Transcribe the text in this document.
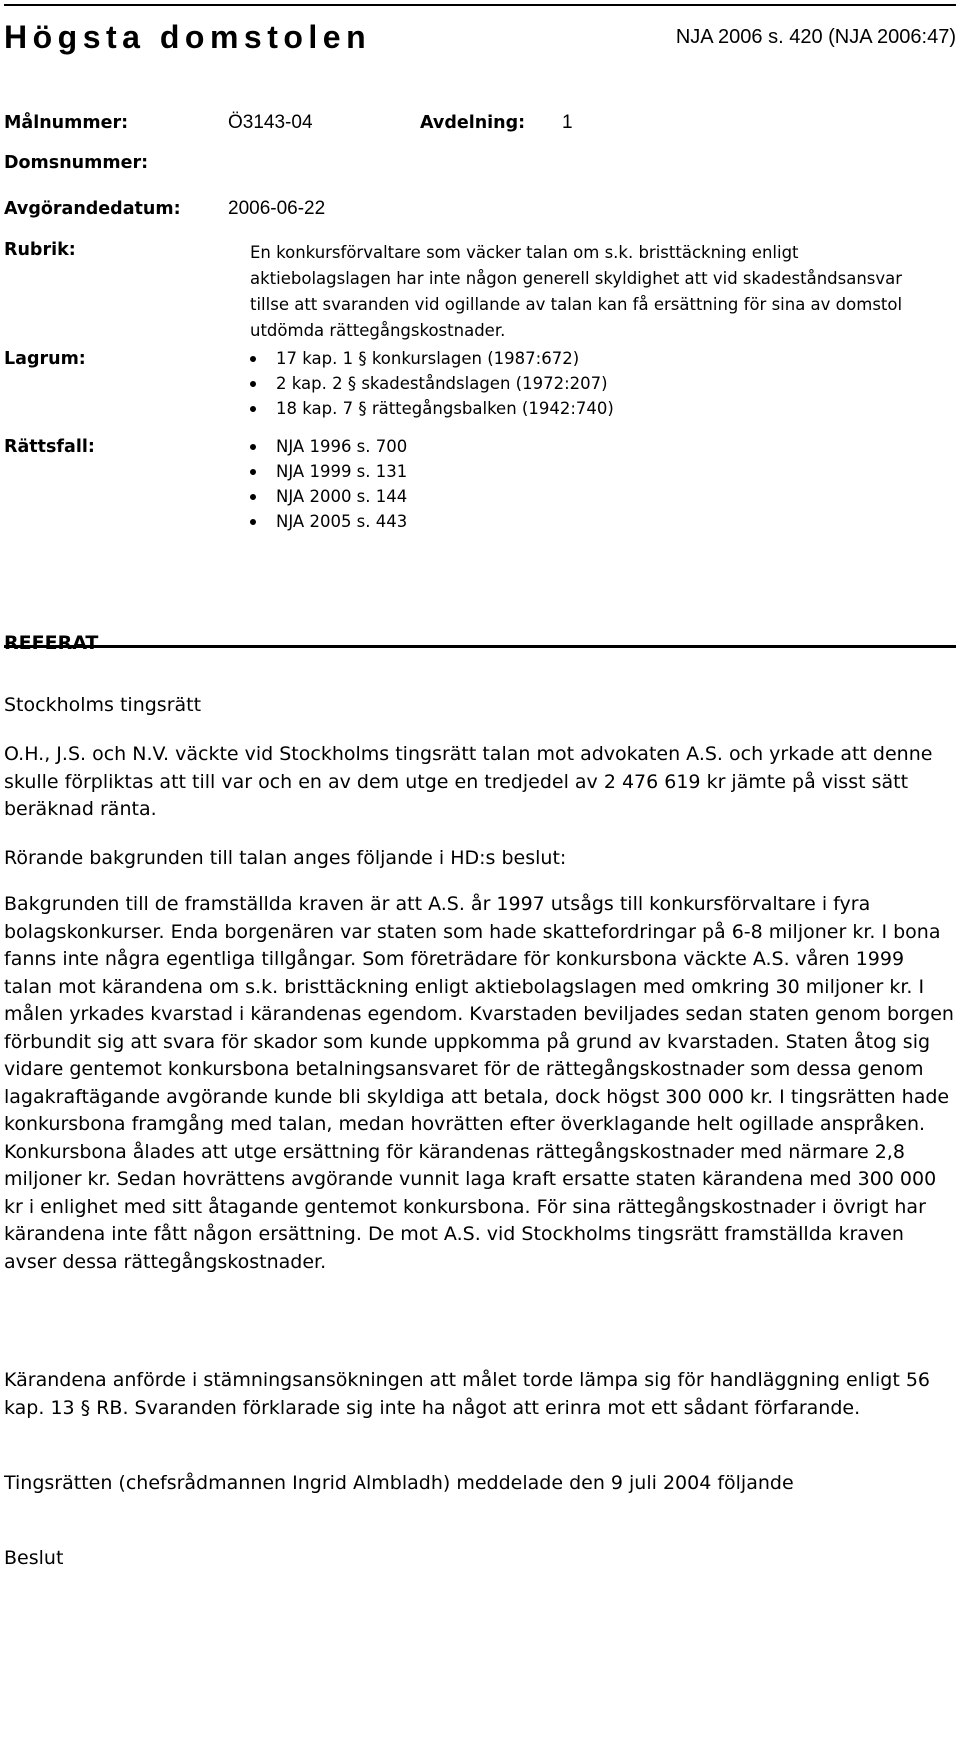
Högsta domstolen	NJA 2006 s. 420 (NJA 2006:47)
Målnummer:	Ö3143-04	Avdelning: 1
Domsnummer:
Avgörandedatum: 2006-06-22
Rubrik:	En konkursförvaltare som väcker talan om s.k. bristtäckning enligt aktiebolagslagen har inte någon generell skyldighet att vid skadeståndsansvar tillse att svaranden vid ogillande av talan kan få ersättning för sina av domstol utdömda rättegångskostnader.

Lagrum:	17 kap. 1 § konkurslagen (1987:672)
2 kap. 2 § skadeståndslagen (1972:207)
18 kap. 7 § rättegångsbalken (1942:740)
Rättsfall:	NJA 1996 s. 700
NJA 1999 s. 131
NJA 2000 s. 144
NJA 2005 s. 443
REFERAT

Stockholms tingsrätt

O.H., J.S. och N.V. väckte vid Stockholms tingsrätt talan mot advokaten A.S. och yrkade att denne skulle förpliktas att till var och en av dem utge en tredjedel av 2 476 619 kr jämte på visst sätt beräknad ränta.

Rörande bakgrunden till talan anges följande i HD:s beslut:

Bakgrunden till de framställda kraven är att A.S. år 1997 utsågs till konkursförvaltare i fyra bolagskonkurser. Enda borgenären var staten som hade skattefordringar på 6-8 miljoner kr. I bona fanns inte några egentliga tillgångar. Som företrädare för konkursbona väckte A.S. våren 1999 talan mot kärandena om s.k. bristtäckning enligt aktiebolagslagen med omkring 30 miljoner kr. I målen yrkades kvarstad i kärandenas egendom. Kvarstaden beviljades sedan staten genom borgen förbundit sig att svara för skador som kunde uppkomma på grund av kvarstaden. Staten åtog sig vidare gentemot konkursbona betalningsansvaret för de rättegångskostnader som dessa genom lagakraftägande avgörande kunde bli skyldiga att betala, dock högst 300 000 kr. I tingsrätten hade konkursbona framgång med talan, medan hovrätten efter överklagande helt ogillade anspråken. Konkursbona ålades att utge ersättning för kärandenas rättegångskostnader med närmare 2,8 miljoner kr. Sedan hovrättens avgörande vunnit laga kraft ersatte staten kärandena med 300 000 kr i enlighet med sitt åtagande gentemot konkursbona. För sina rättegångskostnader i övrigt har kärandena inte fått någon ersättning. De mot A.S. vid Stockholms tingsrätt framställda kraven avser dessa rättegångskostnader.

Kärandena anförde i stämningsansökningen att målet torde lämpa sig för handläggning enligt 56 kap. 13 § RB. Svaranden förklarade sig inte ha något att erinra mot ett sådant förfarande.

Tingsrätten (chefsrådmannen Ingrid Almbladh) meddelade den 9 juli 2004 följande

Beslut
